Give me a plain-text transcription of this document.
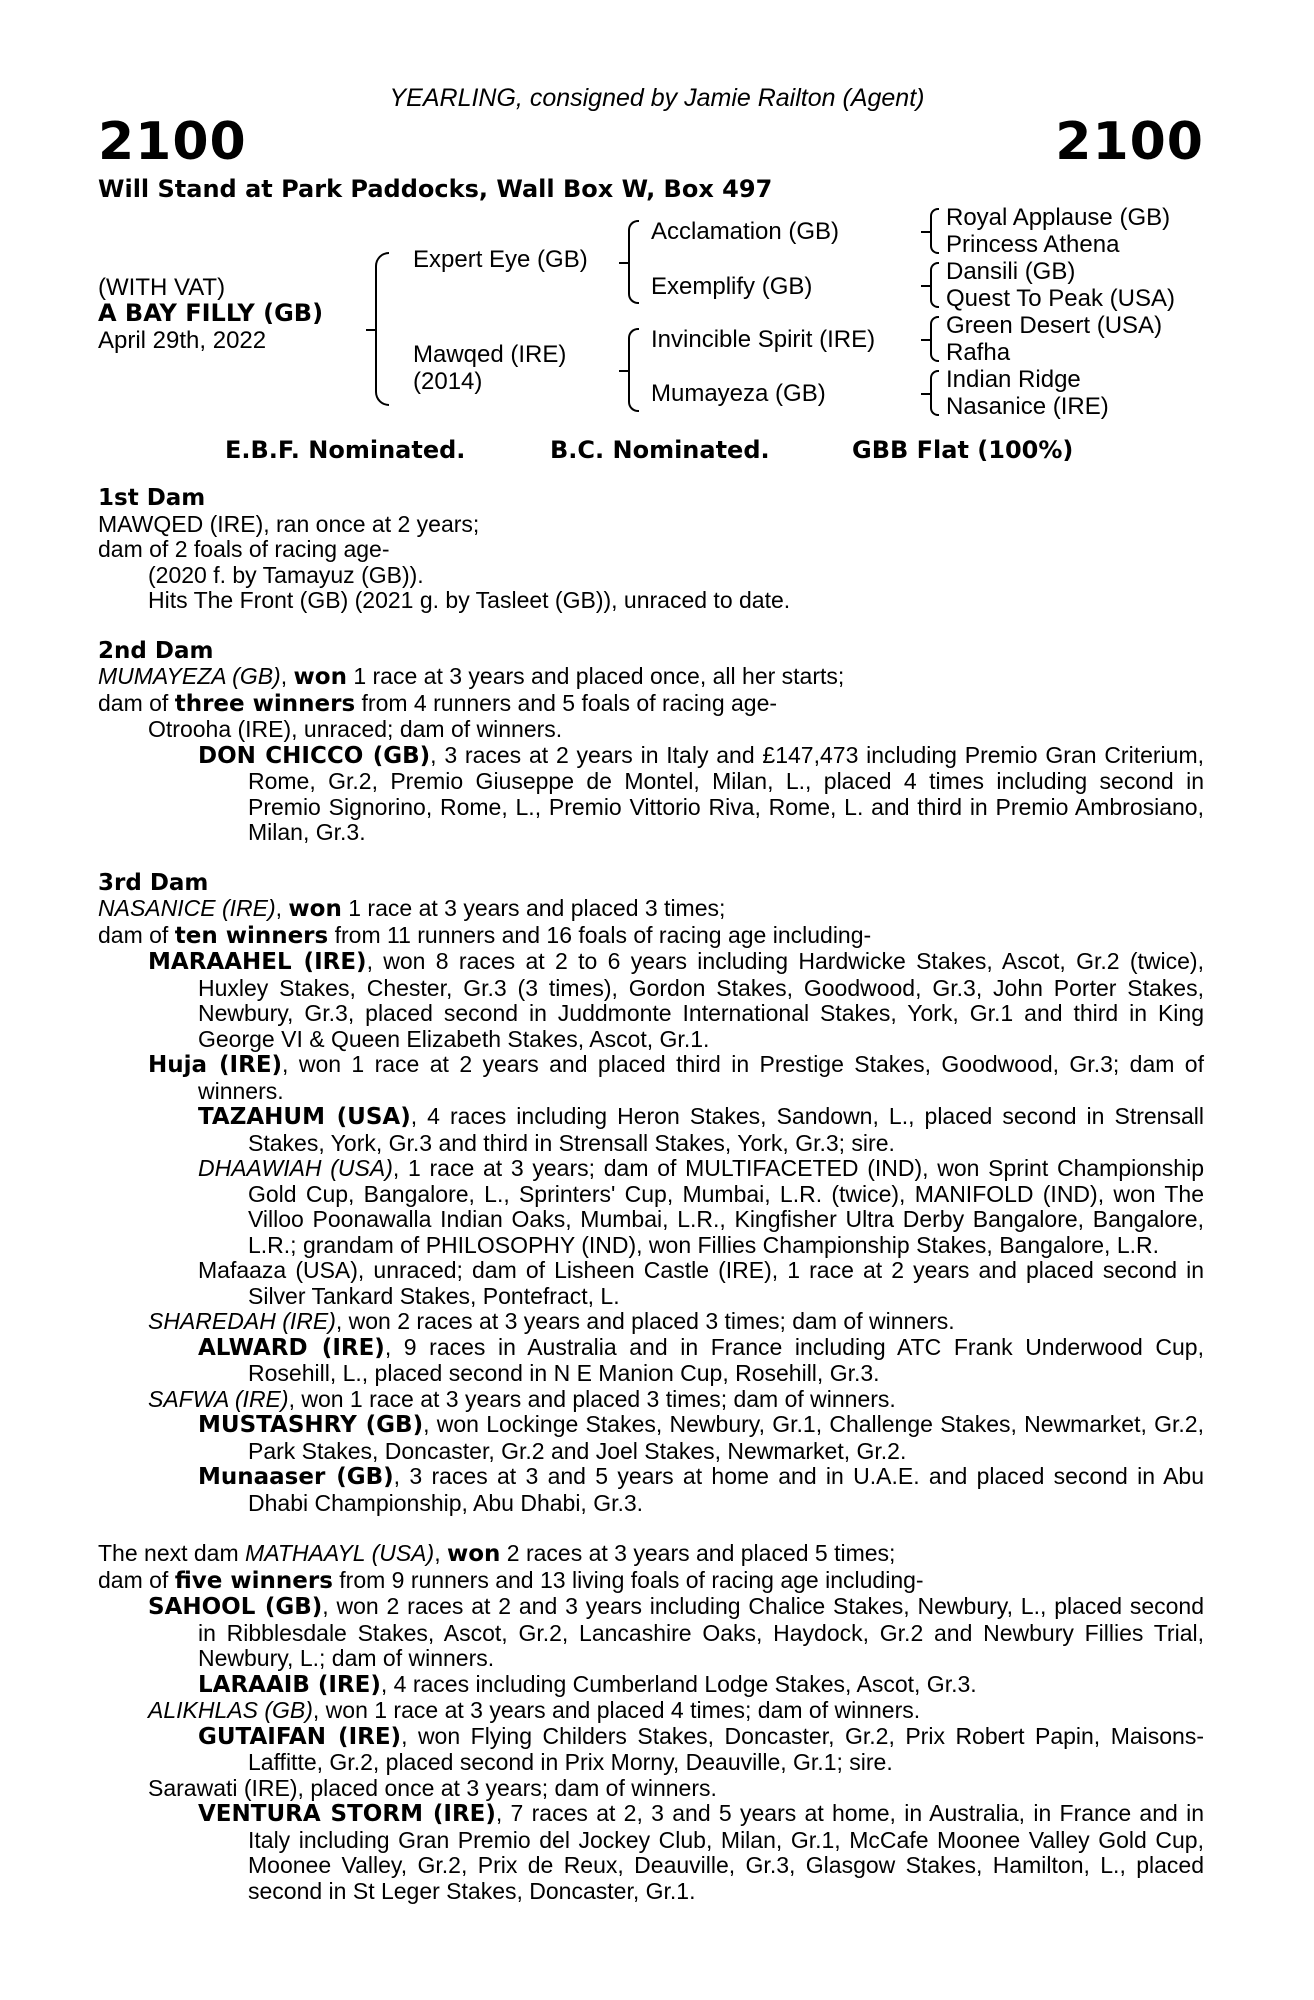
YEARLING, consigned by Jamie Railton (Agent)
2100	2100
Will Stand at Park Paddocks, Wall Box W, Box 497
(WITH VAT)
A BAY FILLY (GB)
April 29th, 2022
Expert Eye (GB)
Mawqed (IRE)
(2014)
Acclamation (GB)
Exemplify (GB)
Invincible Spirit (IRE)
Mumayeza (GB)
Royal Applause (GB)
Princess Athena
Dansili (GB)
Quest To Peak (USA)
Green Desert (USA)
Rafha
Indian Ridge
Nasanice (IRE)
E.B.F. Nominated.	B.C. Nominated.	GBB Flat (100%)

1st Dam

MAWQED (IRE), ran once at 2 years;

dam of 2 foals of racing age-

(2020 f. by Tamayuz (GB)).

Hits The Front (GB) (2021 g. by Tasleet (GB)), unraced to date.

2nd Dam

MUMAYEZA (GB), won 1 race at 3 years and placed once, all her starts;

dam of three winners from 4 runners and 5 foals of racing age-

Otrooha (IRE), unraced; dam of winners.

DON CHICCO (GB), 3 races at 2 years in Italy and £147,473 including Premio Gran Criterium, Rome, Gr.2, Premio Giuseppe de Montel, Milan, L., placed 4 times including second in Premio Signorino, Rome, L., Premio Vittorio Riva, Rome, L. and third in Premio Ambrosiano, Milan, Gr.3.

3rd Dam

NASANICE (IRE), won 1 race at 3 years and placed 3 times;

dam of ten winners from 11 runners and 16 foals of racing age including-

MARAAHEL (IRE), won 8 races at 2 to 6 years including Hardwicke Stakes, Ascot, Gr.2 (twice), Huxley Stakes, Chester, Gr.3 (3 times), Gordon Stakes, Goodwood, Gr.3, John Porter Stakes, Newbury, Gr.3, placed second in Juddmonte International Stakes, York, Gr.1 and third in King George VI & Queen Elizabeth Stakes, Ascot, Gr.1.

Huja (IRE), won 1 race at 2 years and placed third in Prestige Stakes, Goodwood, Gr.3; dam of winners.

TAZAHUM (USA), 4 races including Heron Stakes, Sandown, L., placed second in Strensall Stakes, York, Gr.3 and third in Strensall Stakes, York, Gr.3; sire.

DHAAWIAH (USA), 1 race at 3 years; dam of MULTIFACETED (IND), won Sprint Championship Gold Cup, Bangalore, L., Sprinters' Cup, Mumbai, L.R. (twice), MANIFOLD (IND), won The Villoo Poonawalla Indian Oaks, Mumbai, L.R., Kingfisher Ultra Derby Bangalore, Bangalore, L.R.; grandam of PHILOSOPHY (IND), won Fillies Championship Stakes, Bangalore, L.R.

Mafaaza (USA), unraced; dam of Lisheen Castle (IRE), 1 race at 2 years and placed second in Silver Tankard Stakes, Pontefract, L.

SHAREDAH (IRE), won 2 races at 3 years and placed 3 times; dam of winners.

ALWARD (IRE), 9 races in Australia and in France including ATC Frank Underwood Cup, Rosehill, L., placed second in N E Manion Cup, Rosehill, Gr.3.

SAFWA (IRE), won 1 race at 3 years and placed 3 times; dam of winners.

MUSTASHRY (GB), won Lockinge Stakes, Newbury, Gr.1, Challenge Stakes, Newmarket, Gr.2, Park Stakes, Doncaster, Gr.2 and Joel Stakes, Newmarket, Gr.2.

Munaaser (GB), 3 races at 3 and 5 years at home and in U.A.E. and placed second in Abu Dhabi Championship, Abu Dhabi, Gr.3.

The next dam MATHAAYL (USA), won 2 races at 3 years and placed 5 times;

dam of five winners from 9 runners and 13 living foals of racing age including-

SAHOOL (GB), won 2 races at 2 and 3 years including Chalice Stakes, Newbury, L., placed second in Ribblesdale Stakes, Ascot, Gr.2, Lancashire Oaks, Haydock, Gr.2 and Newbury Fillies Trial, Newbury, L.; dam of winners.

LARAAIB (IRE), 4 races including Cumberland Lodge Stakes, Ascot, Gr.3.

ALIKHLAS (GB), won 1 race at 3 years and placed 4 times; dam of winners.

GUTAIFAN (IRE), won Flying Childers Stakes, Doncaster, Gr.2, Prix Robert Papin, Maisons-Laffitte, Gr.2, placed second in Prix Morny, Deauville, Gr.1; sire.

Sarawati (IRE), placed once at 3 years; dam of winners.

VENTURA STORM (IRE), 7 races at 2, 3 and 5 years at home, in Australia, in France and in Italy including Gran Premio del Jockey Club, Milan, Gr.1, McCafe Moonee Valley Gold Cup, Moonee Valley, Gr.2, Prix de Reux, Deauville, Gr.3, Glasgow Stakes, Hamilton, L., placed second in St Leger Stakes, Doncaster, Gr.1.
